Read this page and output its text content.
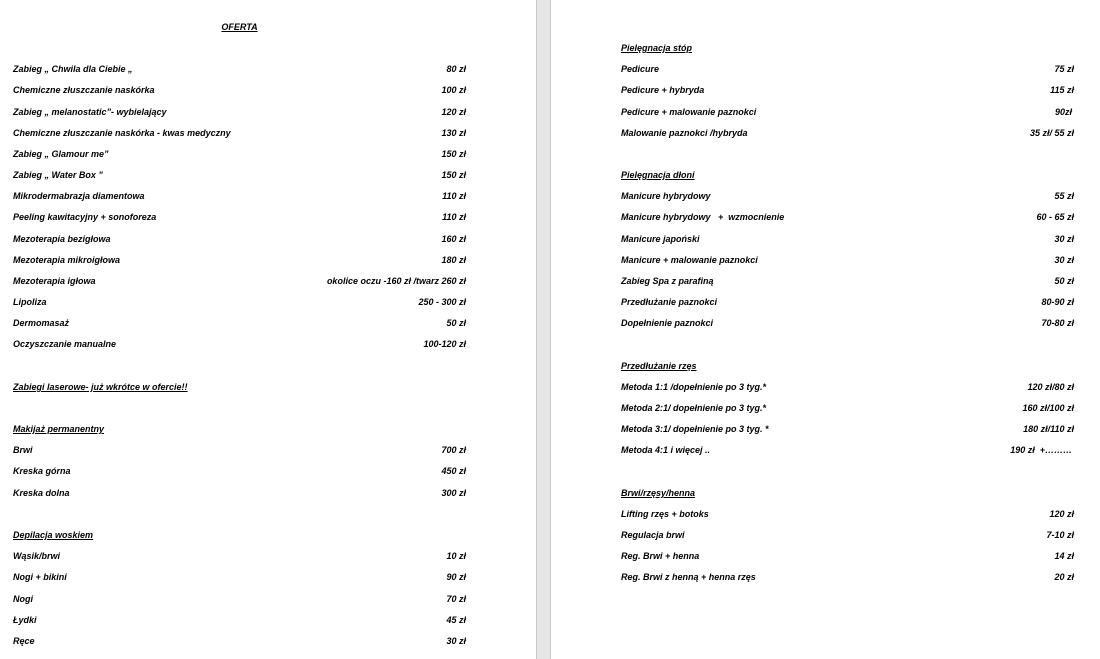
OFERTA
Zabieg „ Chwila dla Ciebie „	80 zł
Chemiczne złuszczanie naskórka	100 zł
Zabieg „ melanostatic”- wybielający	120 zł
Chemiczne złuszczanie naskórka - kwas medyczny	130 zł
Zabieg „ Glamour me”	150 zł
Zabieg „ Water Box ”	150 zł
Mikrodermabrazja diamentowa	110 zł
Peeling kawitacyjny + sonoforeza	110 zł
Mezoterapia bezigłowa	160 zł
Mezoterapia mikroigłowa	180 zł
Mezoterapia igłowa	okolice oczu -160 zł /twarz 260 zł
Lipoliza	250 - 300 zł
Dermomasaż	50 zł
Oczyszczanie manualne	100-120 zł
Zabiegi laserowe- już wkrótce w ofercie!!
Makijaż permanentny
Brwi	700 zł
Kreska górna	450 zł
Kreska dolna	300 zł
Depilacja woskiem
Wąsik/brwi	10 zł
Nogi + bikini	90 zł
Nogi	70 zł
Łydki	45 zł
Ręce	30 zł
Pielęgnacja stóp
Pedicure	75 zł
Pedicure + hybryda	115 zł
Pedicure + malowanie paznokci	90zł
Malowanie paznokci /hybryda	35 zł/ 55 zł
Pielęgnacja dłoni
Manicure hybrydowy	55 zł
Manicure hybrydowy   +  wzmocnienie	60 - 65 zł
Manicure japoński	30 zł
Manicure + malowanie paznokci	30 zł
Zabieg Spa z parafiną	50 zł
Przedłużanie paznokci	80-90 zł
Dopełnienie paznokci	70-80 zł
Przedłużanie rzęs
Metoda 1:1 /dopełnienie po 3 tyg.*	120 zł/80 zł
Metoda 2:1/ dopełnienie po 3 tyg.*	160 zł/100 zł
Metoda 3:1/ dopełnienie po 3 tyg. *	180 zł/110 zł
Metoda 4:1 i więcej ..	190 zł  +………
Brwi/rzęsy/henna
Lifting rzęs + botoks	120 zł
Regulacja brwi	7-10 zł
Reg. Brwi + henna	14 zł
Reg. Brwi z henną + henna rzęs	20 zł
